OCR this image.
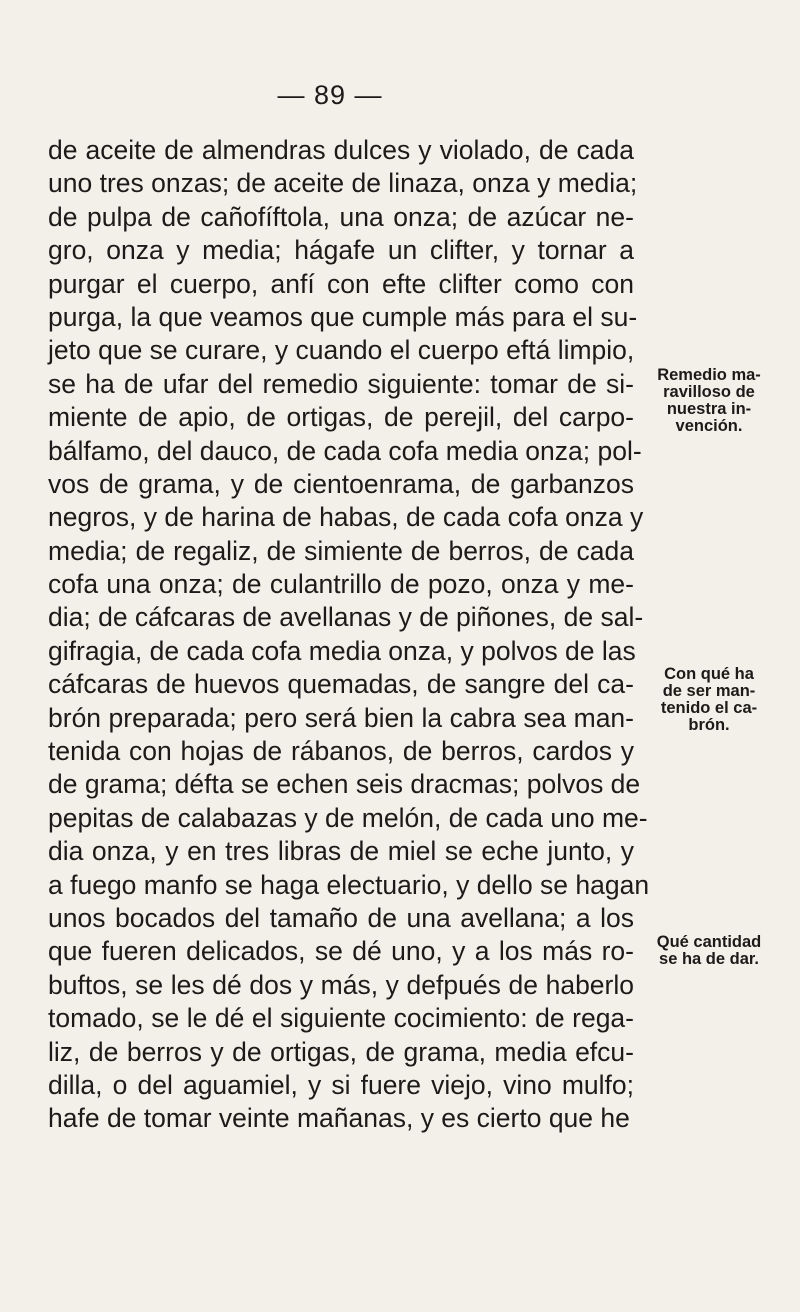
— 89 —
de aceite de almendras dulces y violado, de cada
uno tres onzas; de aceite de linaza, onza y media;
de pulpa de cañofíftola, una onza; de azúcar ne-
gro, onza y media; hágafe un clifter, y tornar a
purgar el cuerpo, anfí con efte clifter como con
purga, la que veamos que cumple más para el su-
jeto que se curare, y cuando el cuerpo eftá limpio,
se ha de ufar del remedio siguiente: tomar de si-
miente de apio, de ortigas, de perejil, del carpo-
bálfamo, del dauco, de cada cofa media onza; pol-
vos de grama, y de cientoenrama, de garbanzos
negros, y de harina de habas, de cada cofa onza y
media; de regaliz, de simiente de berros, de cada
cofa una onza; de culantrillo de pozo, onza y me-
dia; de cáfcaras de avellanas y de piñones, de sal-
gifragia, de cada cofa media onza, y polvos de las
cáfcaras de huevos quemadas, de sangre del ca-
brón preparada; pero será bien la cabra sea man-
tenida con hojas de rábanos, de berros, cardos y
de grama; défta se echen seis dracmas; polvos de
pepitas de calabazas y de melón, de cada uno me-
dia onza, y en tres libras de miel se eche junto, y
a fuego manfo se haga electuario, y dello se hagan
unos bocados del tamaño de una avellana; a los
que fueren delicados, se dé uno, y a los más ro-
buftos, se les dé dos y más, y defpués de haberlo
tomado, se le dé el siguiente cocimiento: de rega-
liz, de berros y de ortigas, de grama, media efcu-
dilla, o del aguamiel, y si fuere viejo, vino mulfo;
hafe de tomar veinte mañanas, y es cierto que he
Remedio ma-
ravilloso de
nuestra in-
vención.
Con qué ha
de ser man-
tenido el ca-
brón.
Qué cantidad
se ha de dar.
